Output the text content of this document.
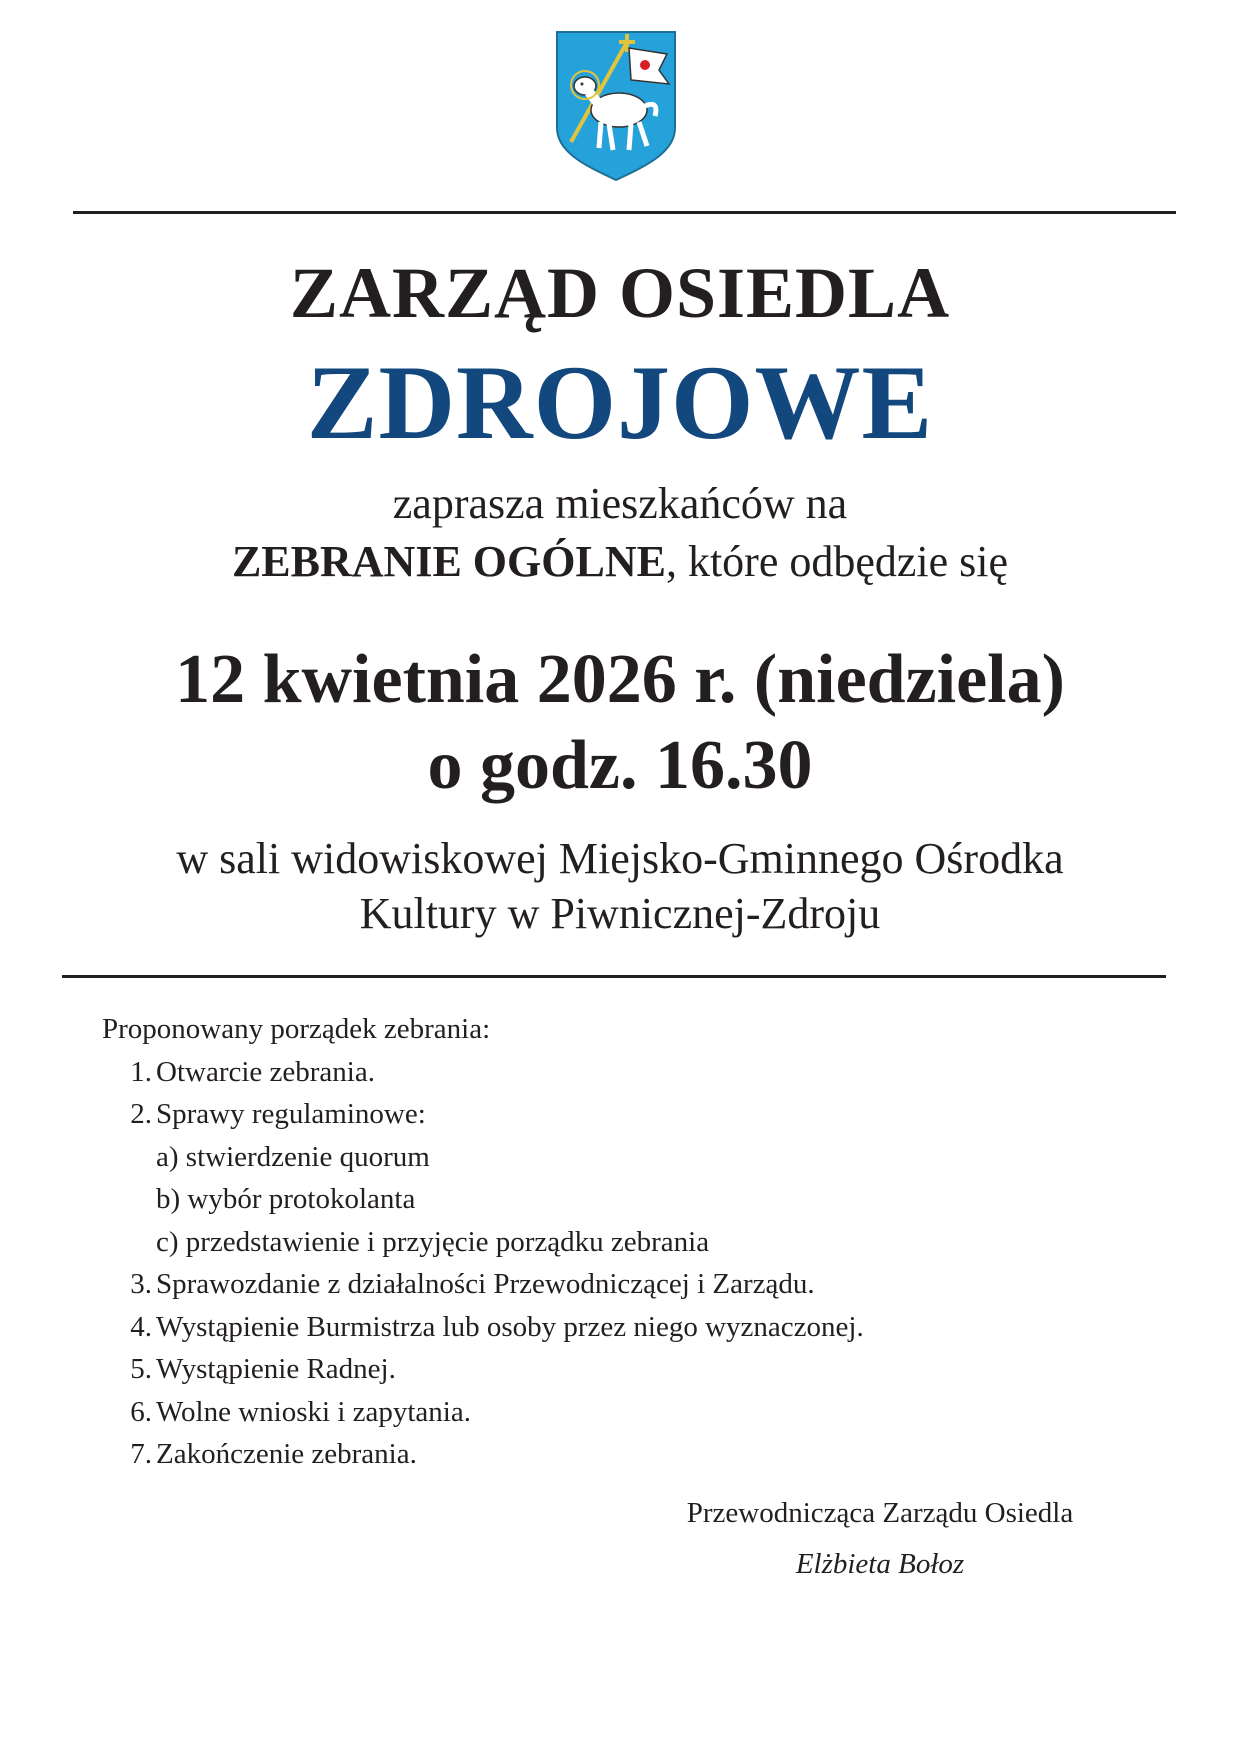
ZARZĄD OSIEDLA
ZDROJOWE
zaprasza mieszkańców na
ZEBRANIE OGÓLNE, które odbędzie się
12 kwietnia 2026 r. (niedziela)
o godz. 16.30
w sali widowiskowej Miejsko-Gminnego Ośrodka
Kultury w Piwnicznej-Zdroju
Proponowany porządek zebrania:
1. Otwarcie zebrania.
2. Sprawy regulaminowe:
a) stwierdzenie quorum
b) wybór protokolanta
c) przedstawienie i przyjęcie porządku zebrania
3. Sprawozdanie z działalności Przewodniczącej i Zarządu.
4. Wystąpienie Burmistrza lub osoby przez niego wyznaczonej.
5. Wystąpienie Radnej.
6. Wolne wnioski i zapytania.
7. Zakończenie zebrania.
Przewodnicząca Zarządu Osiedla
Elżbieta Bołoz
